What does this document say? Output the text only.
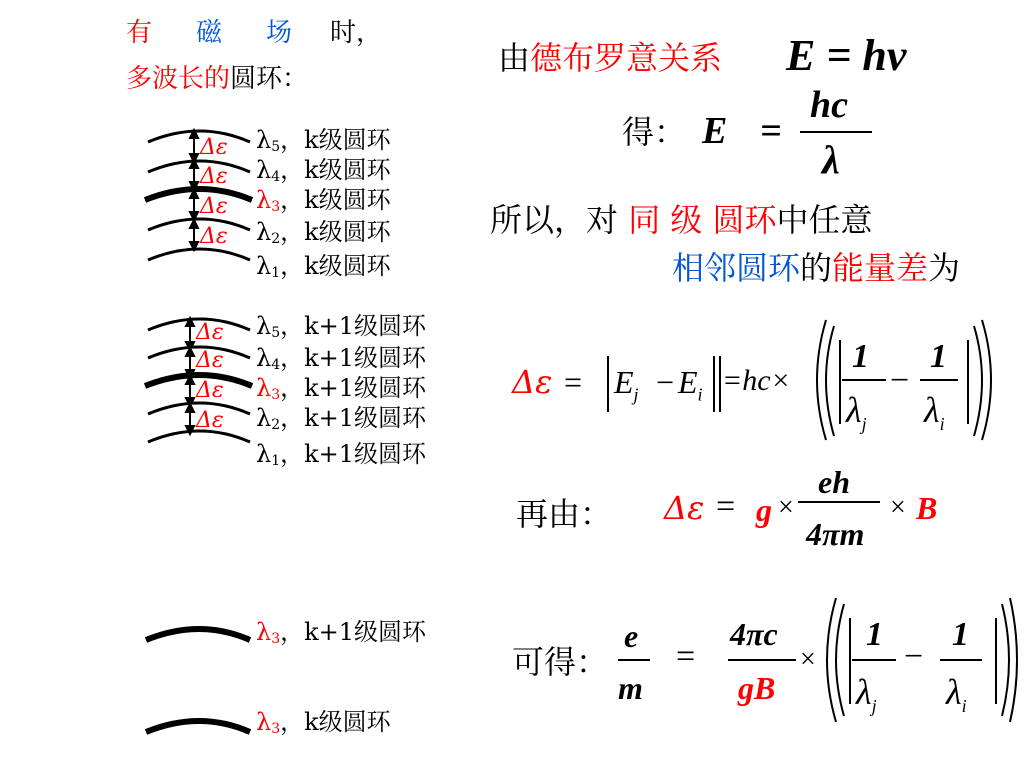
有 磁 场 时，
多波长的圆环：
Δε
Δε
Δε
Δε
$\lambda_5$，k级圆环
$\lambda_4$，k级圆环
$\lambda_3$，k级圆环
$\lambda_2$，k级圆环
$\lambda_1$，k级圆环
Δε
Δε
Δε
Δε
$\lambda_5$，k+1级圆环
$\lambda_4$，k+1级圆环
$\lambda_3$，k+1级圆环
$\lambda_2$，k+1级圆环
$\lambda_1$，k+1级圆环
$\lambda_3$，k+1级圆环
$\lambda_3$，k级圆环
由德布罗意关系 E = hν
得： E =
hc
λ
所以，对 同 级 圆环中任意
相邻圆环的能量差为
$\Delta\varepsilon = E_j - E_i =hc\times$
1
$\lambda_j$
−
1
$\lambda_i$
再由： Δε = g ×
eh
4πm
× B
可得：
e
m
=
4πc
gB
×
1
$\lambda_j$
−
1
$\lambda_i$
